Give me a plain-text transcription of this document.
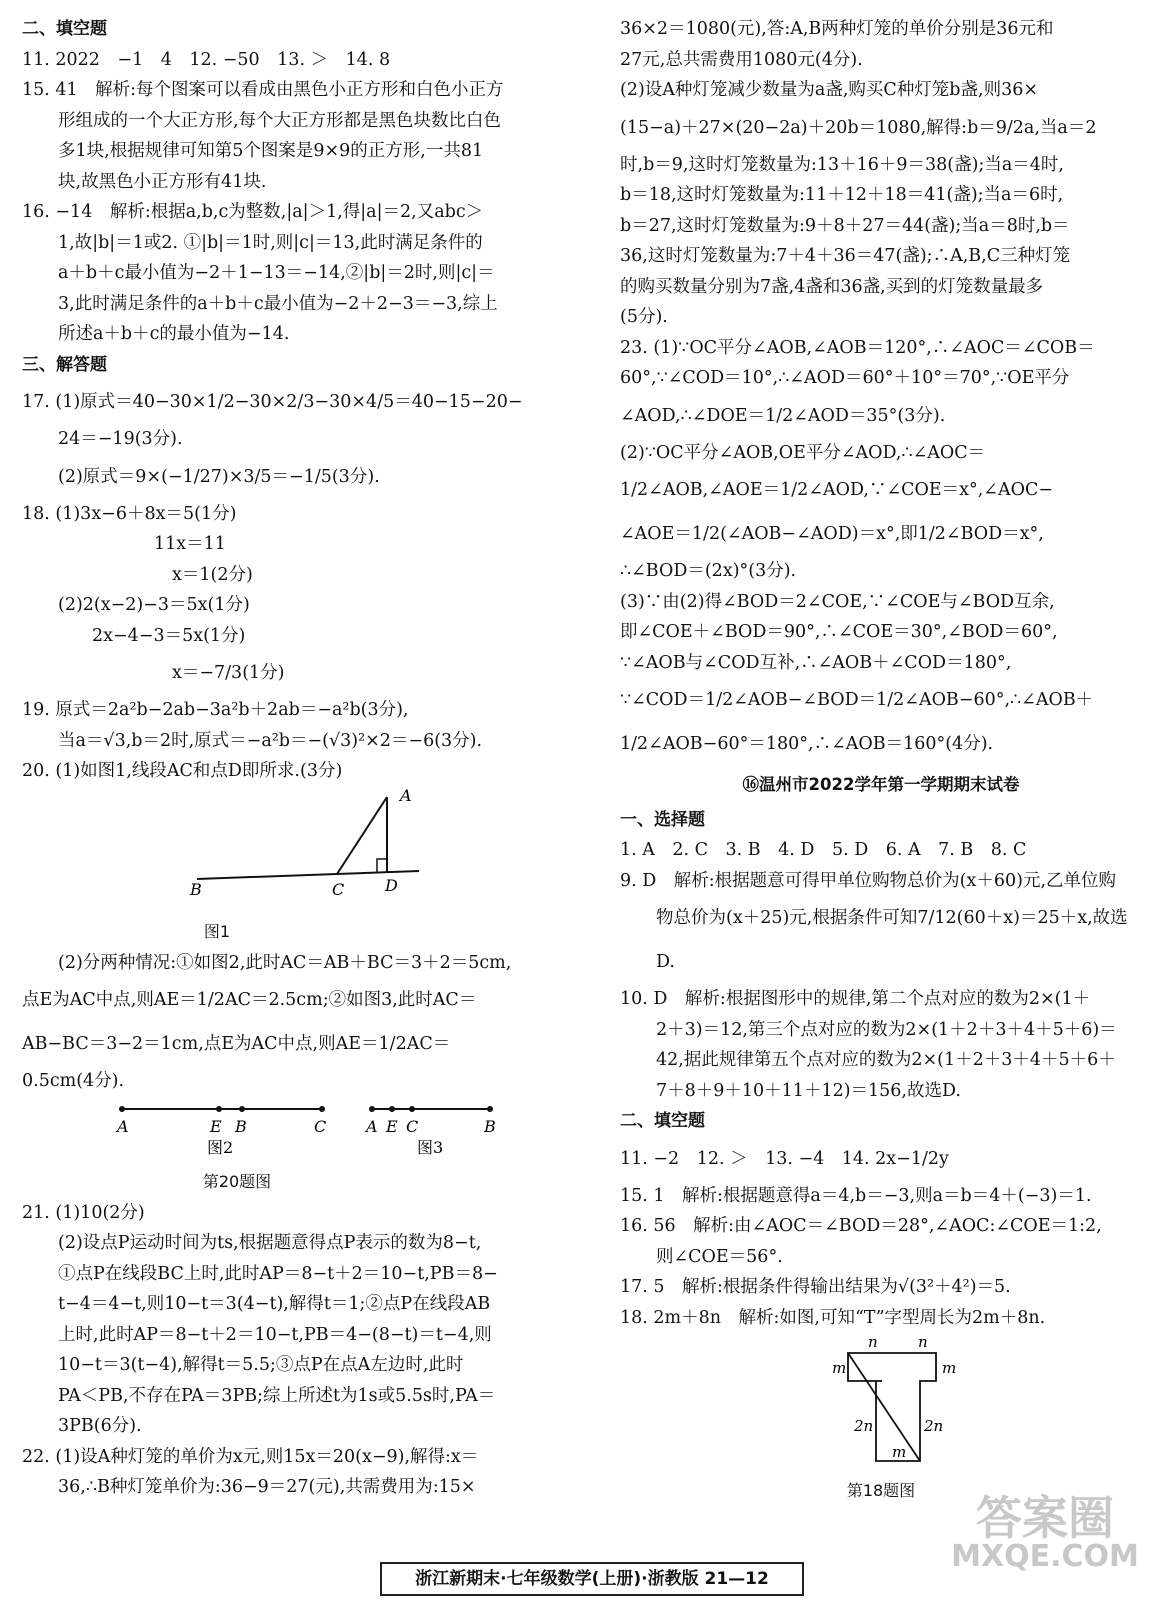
二、填空题

11. 2022　−1　4　12. −50　13. ＞　14. 8

15. 41　解析:每个图案可以看成由黑色小正方形和白色小正方

形组成的一个大正方形,每个大正方形都是黑色块数比白色

多1块,根据规律可知第5个图案是9×9的正方形,一共81

块,故黑色小正方形有41块.

16. −14　解析:根据a,b,c为整数,|a|＞1,得|a|＝2,又abc＞

1,故|b|＝1或2. ①|b|＝1时,则|c|＝13,此时满足条件的

a＋b＋c最小值为−2＋1−13＝−14,②|b|＝2时,则|c|＝

3,此时满足条件的a＋b＋c最小值为−2＋2−3＝−3,综上

所述a＋b＋c的最小值为−14.

三、解答题

17. (1)原式＝40−30×1/2−30×2/3−30×4/5＝40−15−20−

24＝−19(3分).

(2)原式＝9×(−1/27)×3/5＝−1/5(3分).

18. (1)3x−6＋8x＝5(1分)

11x＝11

x＝1(2分)

(2)2(x−2)−3＝5x(1分)

2x−4−3＝5x(1分)

x＝−7/3(1分)

19. 原式＝2a²b−2ab−3a²b＋2ab＝−a²b(3分),

当a＝√3,b＝2时,原式＝−a²b＝−(√3)²×2＝−6(3分).

20. (1)如图1,线段AC和点D即所求.(3分)

B	C	D
A
图1

(2)分两种情况:①如图2,此时AC＝AB＋BC＝3＋2＝5cm,

点E为AC中点,则AE＝1/2AC＝2.5cm;②如图3,此时AC＝

AB−BC＝3−2＝1cm,点E为AC中点,则AE＝1/2AC＝

0.5cm(4分).

A	E B	C
图2
A E C	B
图3
第20题图

21. (1)10(2分)

(2)设点P运动时间为ts,根据题意得点P表示的数为8−t,

①点P在线段BC上时,此时AP＝8−t＋2＝10−t,PB＝8−

t−4＝4−t,则10−t＝3(4−t),解得t＝1;②点P在线段AB

上时,此时AP＝8−t＋2＝10−t,PB＝4−(8−t)＝t−4,则

10−t＝3(t−4),解得t＝5.5;③点P在点A左边时,此时

PA＜PB,不存在PA＝3PB;综上所述t为1s或5.5s时,PA＝

3PB(6分).

22. (1)设A种灯笼的单价为x元,则15x＝20(x−9),解得:x＝

36,∴B种灯笼单价为:36−9＝27(元),共需费用为:15×

36×2＝1080(元),答:A,B两种灯笼的单价分别是36元和

27元,总共需费用1080元(4分).

(2)设A种灯笼减少数量为a盏,购买C种灯笼b盏,则36×

(15−a)＋27×(20−2a)＋20b＝1080,解得:b＝9/2a,当a＝2

时,b＝9,这时灯笼数量为:13＋16＋9＝38(盏);当a＝4时,

b＝18,这时灯笼数量为:11＋12＋18＝41(盏);当a＝6时,

b＝27,这时灯笼数量为:9＋8＋27＝44(盏);当a＝8时,b＝

36,这时灯笼数量为:7＋4＋36＝47(盏);∴A,B,C三种灯笼

的购买数量分别为7盏,4盏和36盏,买到的灯笼数量最多

(5分).

23. (1)∵OC平分∠AOB,∠AOB＝120°,∴∠AOC＝∠COB＝

60°,∵∠COD＝10°,∴∠AOD＝60°＋10°＝70°,∵OE平分

∠AOD,∴∠DOE＝1/2∠AOD＝35°(3分).

(2)∵OC平分∠AOB,OE平分∠AOD,∴∠AOC＝

1/2∠AOB,∠AOE＝1/2∠AOD,∵∠COE＝x°,∠AOC−

∠AOE＝1/2(∠AOB−∠AOD)＝x°,即1/2∠BOD＝x°,

∴∠BOD＝(2x)°(3分).

(3)∵由(2)得∠BOD＝2∠COE,∵∠COE与∠BOD互余,

即∠COE＋∠BOD＝90°,∴∠COE＝30°,∠BOD＝60°,

∵∠AOB与∠COD互补,∴∠AOB＋∠COD＝180°,

∵∠COD＝1/2∠AOB−∠BOD＝1/2∠AOB−60°,∴∠AOB＋

1/2∠AOB−60°＝180°,∴∠AOB＝160°(4分).

⑯温州市2022学年第一学期期末试卷

一、选择题

1. A　2. C　3. B　4. D　5. D　6. A　7. B　8. C

9. D　解析:根据题意可得甲单位购物总价为(x＋60)元,乙单位购

物总价为(x＋25)元,根据条件可知7/12(60＋x)＝25＋x,故选D.

10. D　解析:根据图形中的规律,第二个点对应的数为2×(1＋

2＋3)＝12,第三个点对应的数为2×(1＋2＋3＋4＋5＋6)＝

42,据此规律第五个点对应的数为2×(1＋2＋3＋4＋5＋6＋

7＋8＋9＋10＋11＋12)＝156,故选D.

二、填空题

11. −2　12. ＞　13. −4　14. 2x−1/2y

15. 1　解析:根据题意得a＝4,b＝−3,则a＝b＝4＋(−3)＝1.

16. 56　解析:由∠AOC＝∠BOD＝28°,∠AOC:∠COE＝1:2,

则∠COE＝56°.

17. 5　解析:根据条件得输出结果为√(3²＋4²)＝5.

18. 2m＋8n　解析:如图,可知“T”字型周长为2m＋8n.

n	n
m	m
2n	2n
m
第18题图
浙江新期末·七年级数学(上册)·浙教版 21—12
答案圈
MXQE.COM
